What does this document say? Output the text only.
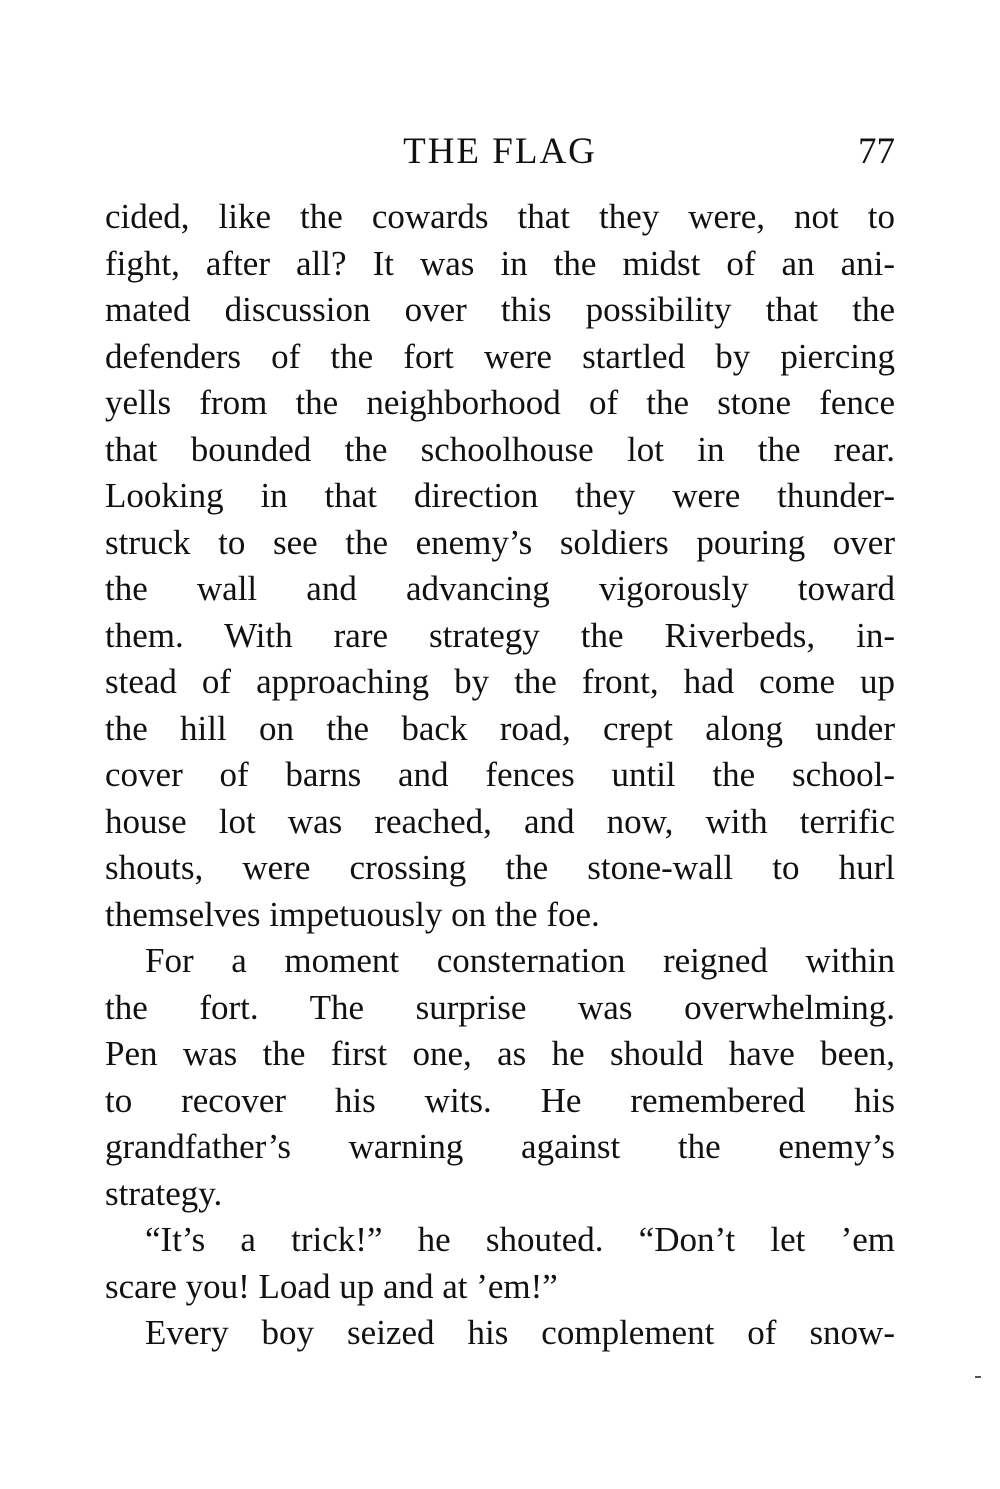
THE FLAG	77
cided, like the cowards that they were, not to
fight, after all? It was in the midst of an ani-
mated discussion over this possibility that the
defenders of the fort were startled by piercing
yells from the neighborhood of the stone fence
that bounded the schoolhouse lot in the rear.
Looking in that direction they were thunder-
struck to see the enemy’s soldiers pouring over
the wall and advancing vigorously toward
them. With rare strategy the Riverbeds, in-
stead of approaching by the front, had come up
the hill on the back road, crept along under
cover of barns and fences until the school-
house lot was reached, and now, with terrific
shouts, were crossing the stone-wall to hurl
themselves impetuously on the foe.
For a moment consternation reigned within
the fort. The surprise was overwhelming.
Pen was the first one, as he should have been,
to recover his wits. He remembered his
grandfather’s warning against the enemy’s
strategy.
“It’s a trick!” he shouted. “Don’t let ’em
scare you! Load up and at ’em!”
Every boy seized his complement of snow-
